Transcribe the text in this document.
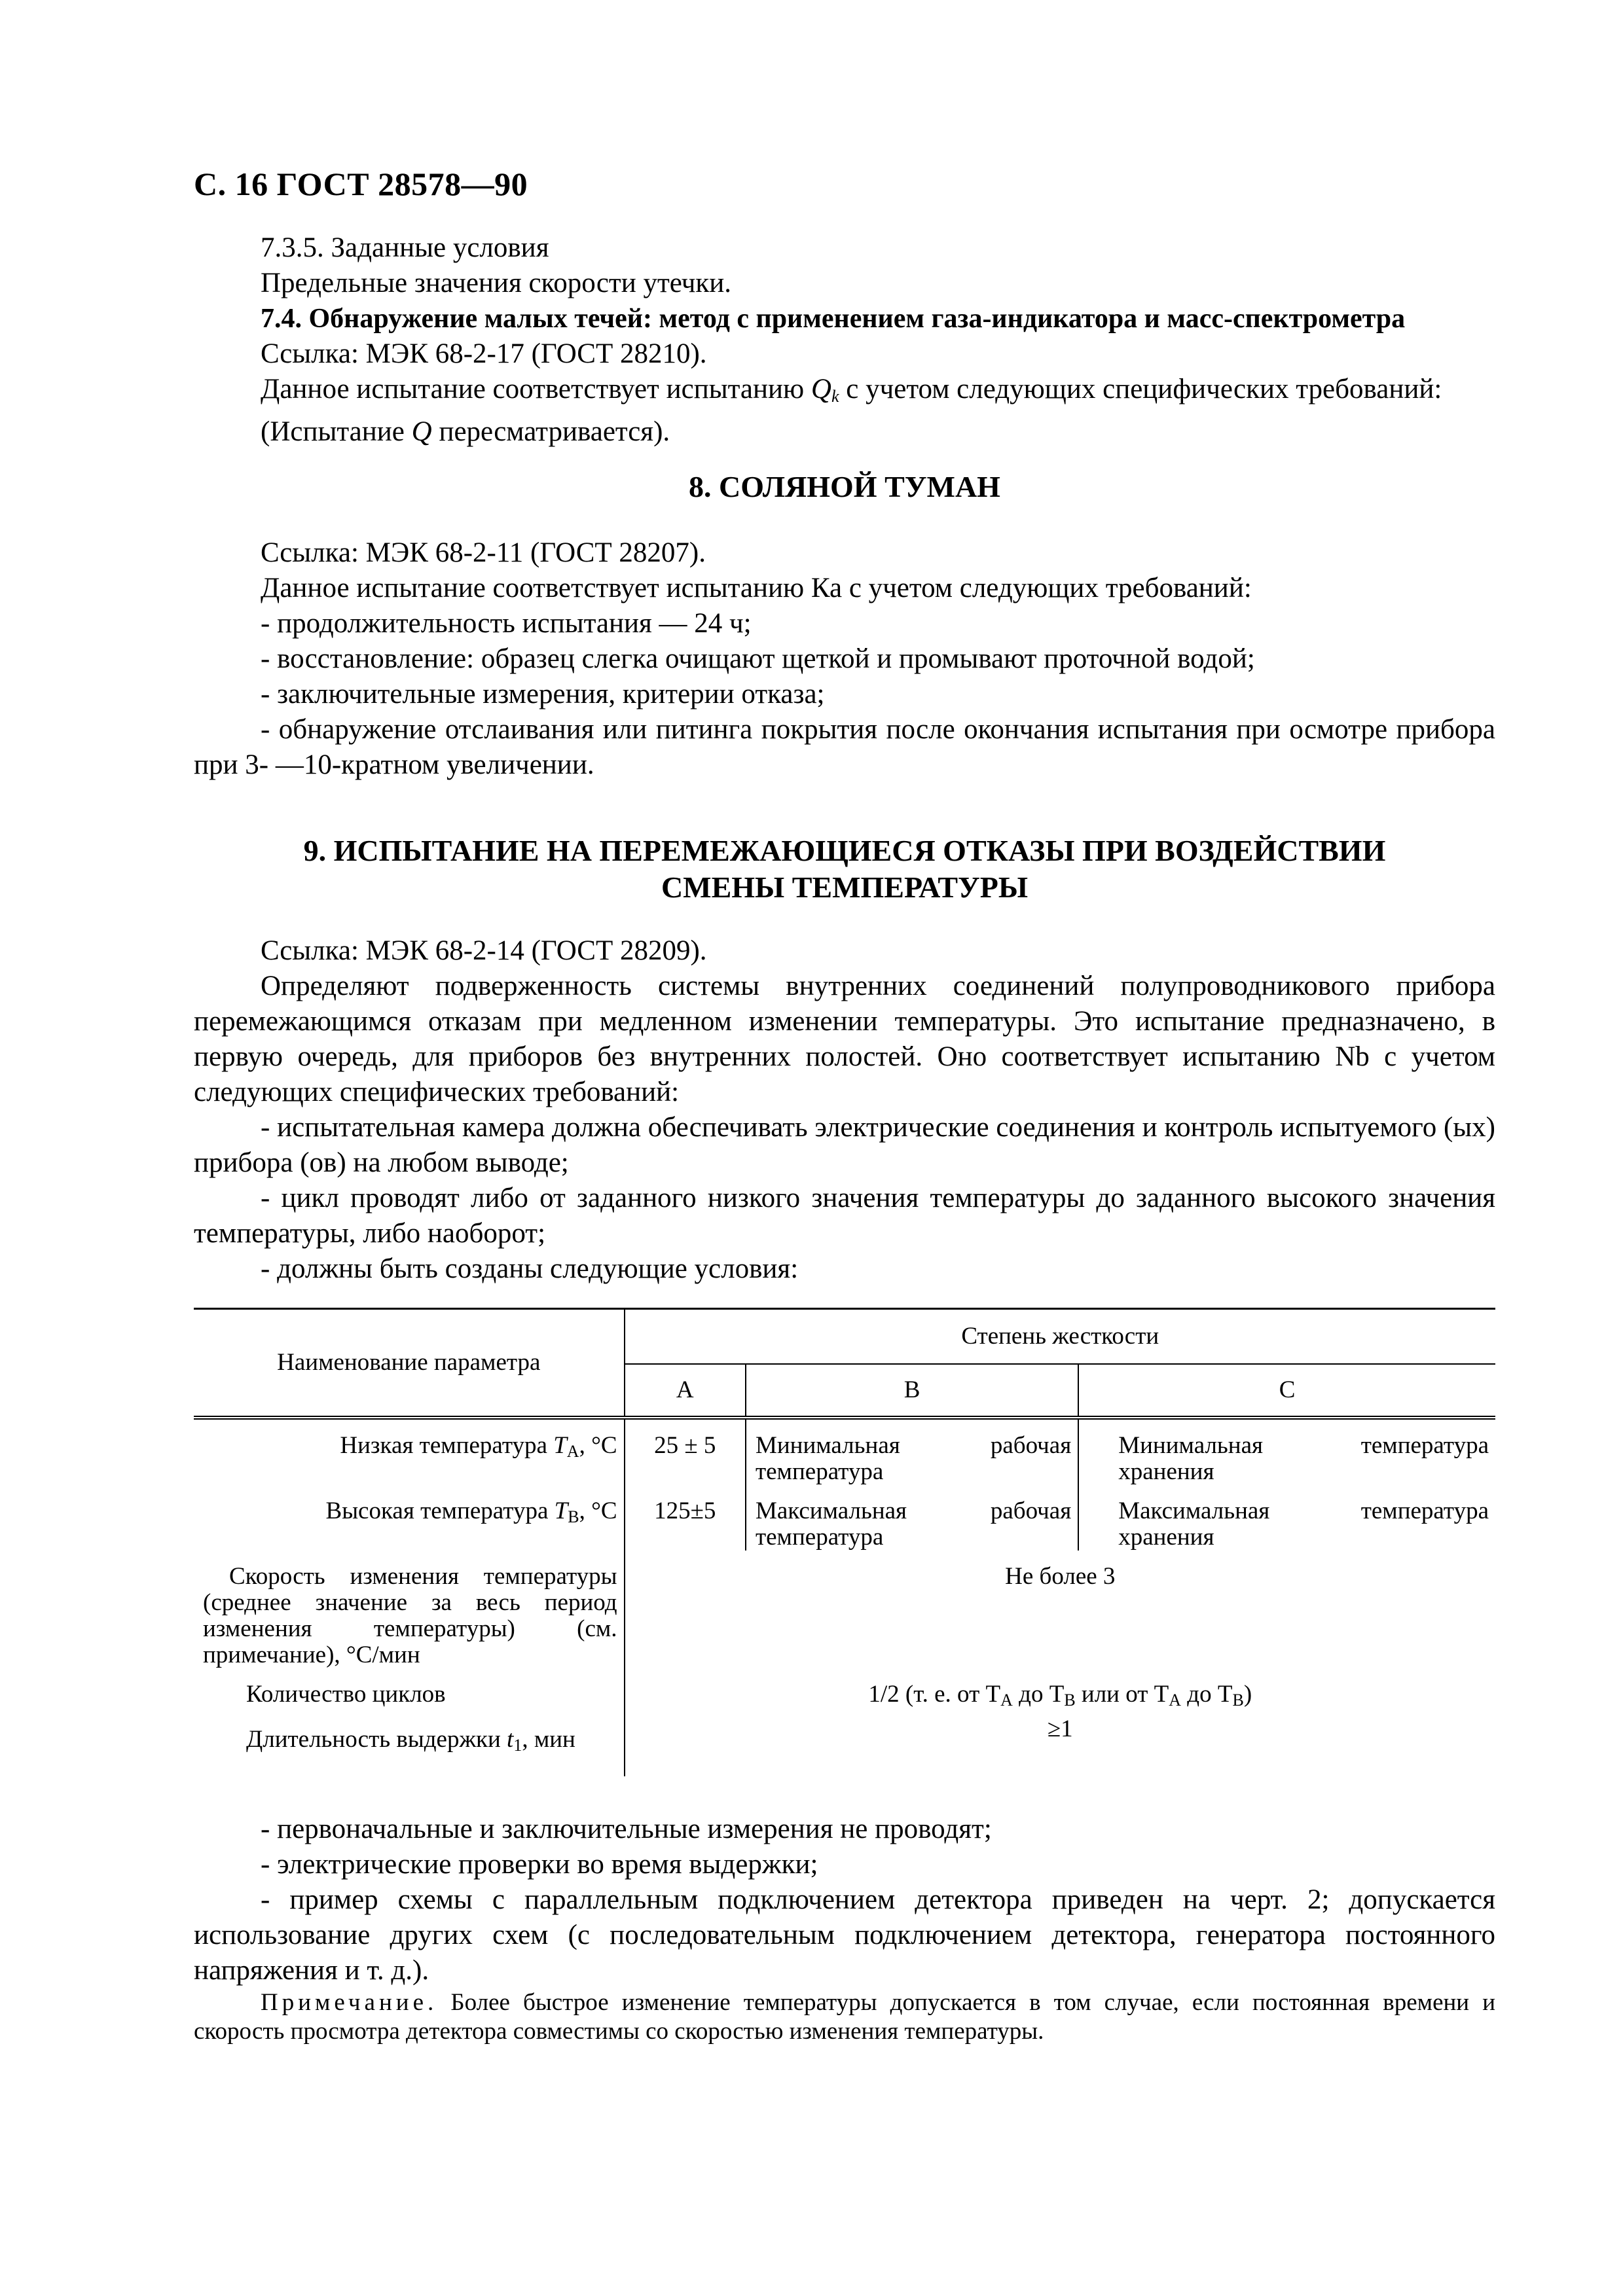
С. 16 ГОСТ 28578—90

7.3.5. Заданные условия

Предельные значения скорости утечки.

7.4. Обнаружение малых течей: метод с применением газа-индикатора и масс-спектрометра

Ссылка: МЭК 68-2-17 (ГОСТ 28210).

Данное испытание соответствует испытанию $Q_k$ с учетом следующих специфических требований:

(Испытание Q пересматривается).

8. СОЛЯНОЙ ТУМАН

Ссылка: МЭК 68-2-11 (ГОСТ 28207).

Данное испытание соответствует испытанию Ка с учетом следующих требований:

- продолжительность испытания — 24 ч;

- восстановление: образец слегка очищают щеткой и промывают проточной водой;

- заключительные измерения, критерии отказа;

- обнаружение отслаивания или питинга покрытия после окончания испытания при осмотре прибора при 3- —10-кратном увеличении.

9. ИСПЫТАНИЕ НА ПЕРЕМЕЖАЮЩИЕСЯ ОТКАЗЫ ПРИ ВОЗДЕЙСТВИИ

СМЕНЫ ТЕМПЕРАТУРЫ

Ссылка: МЭК 68-2-14 (ГОСТ 28209).

Определяют подверженность системы внутренних соединений полупроводникового прибора перемежающимся отказам при медленном изменении температуры. Это испытание предназначено, в первую очередь, для приборов без внутренних полостей. Оно соответствует испытанию Nb с учетом следующих специфических требований:

- испытательная камера должна обеспечивать электрические соединения и контроль испытуемого (ых) прибора (ов) на любом выводе;

- цикл проводят либо от заданного низкого значения температуры до заданного высокого значения температуры, либо наоборот;

- должны быть созданы следующие условия:

Наименование параметра	Степень жесткости		
	А	В	С
Низкая температура $T_A$, °C	25 ± 5	Минимальная рабочая температура	Минимальная температура хранения
Высокая температура $T_B$, °C	125±5	Максимальная рабочая температура	Максимальная температура хранения
Скорость изменения температуры (среднее значение за весь период изменения температуры) (см. примечание), °С/мин	Не более 3		
Количество циклов	1/2 (т. е. от $T_A$ до $T_B$ или от $T_A$ до $T_B$)		
Длительность выдержки $t_1$, мин	≥1		

- первоначальные и заключительные измерения не проводят;

- электрические проверки во время выдержки;

- пример схемы с параллельным подключением детектора приведен на черт. 2; допускается использование других схем (с последовательным подключением детектора, генератора постоянного напряжения и т. д.).

Примечание. Более быстрое изменение температуры допускается в том случае, если постоянная времени и скорость просмотра детектора совместимы со скоростью изменения температуры.
